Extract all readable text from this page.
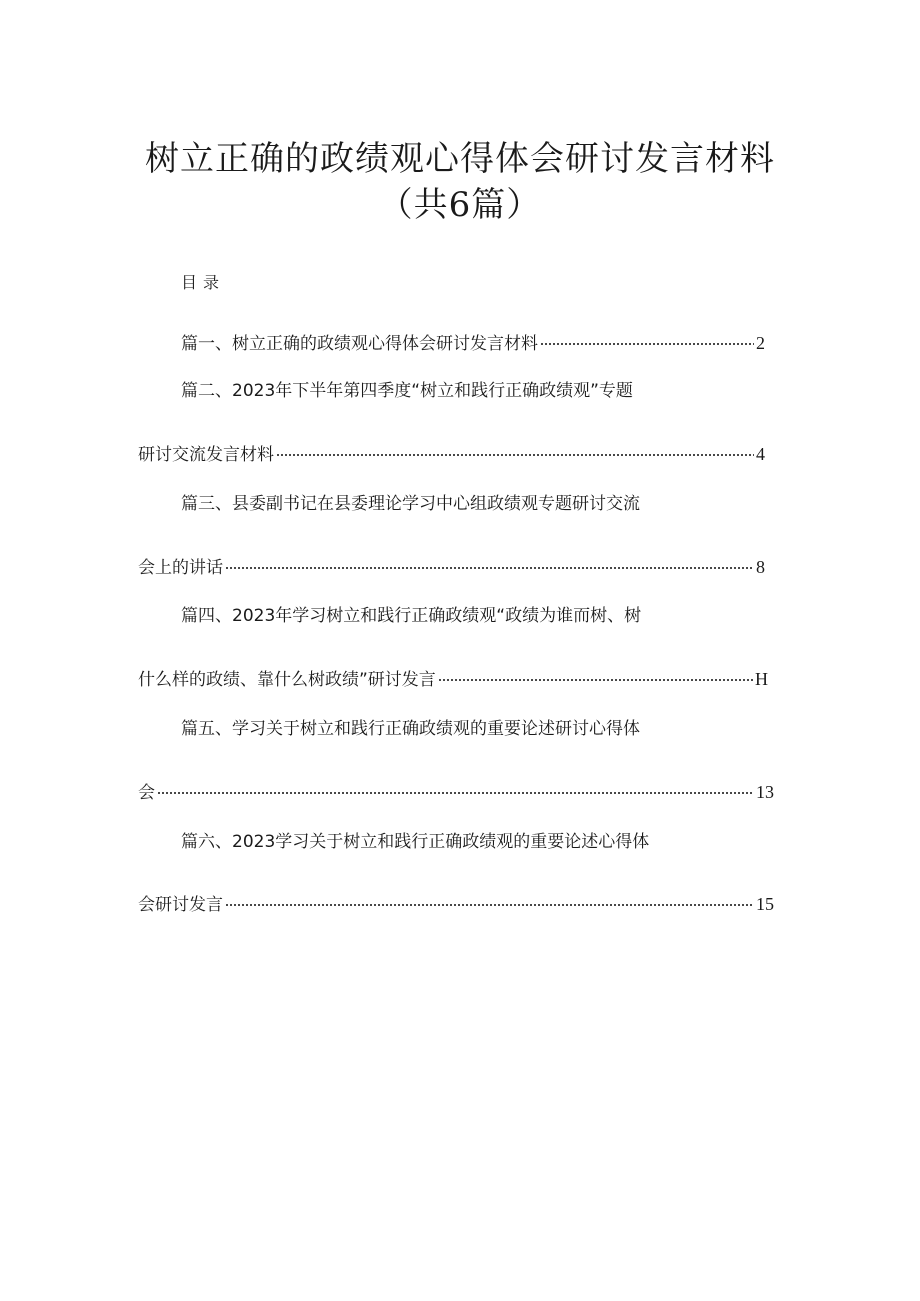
树立正确的政绩观心得体会研讨发言材料
（共6篇）
目录
篇一、树立正确的政绩观心得体会研讨发言材料	2
篇二、2023年下半年第四季度“树立和践行正确政绩观”专题
研讨交流发言材料	4
篇三、县委副书记在县委理论学习中心组政绩观专题研讨交流
会上的讲话	8
篇四、2023年学习树立和践行正确政绩观“政绩为谁而树、树
什么样的政绩、靠什么树政绩”研讨发言	H
篇五、学习关于树立和践行正确政绩观的重要论述研讨心得体
会	13
篇六、2023学习关于树立和践行正确政绩观的重要论述心得体
会研讨发言	15
